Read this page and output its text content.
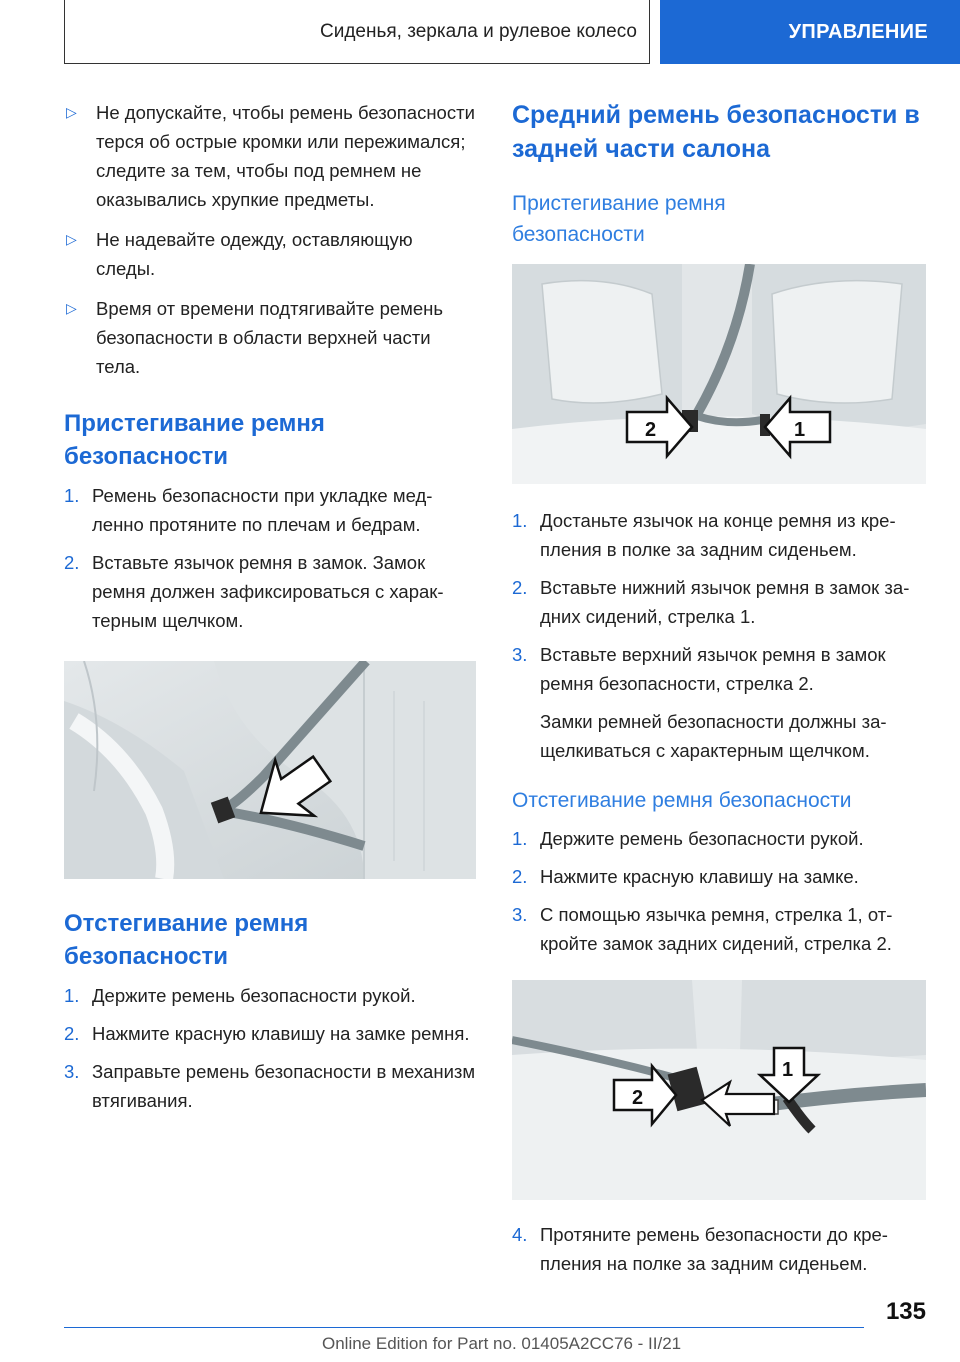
Сиденья, зеркала и рулевое колесо	УПРАВЛЕНИЕ
▷	Не допускайте, чтобы ремень безопасности терся об острые кромки или пережимался; следите за тем, чтобы под ремнем не оказывались хрупкие предметы.
▷	Не надевайте одежду, оставляющую следы.
▷	Время от времени подтягивайте ремень безопасности в области верхней части тела.
Пристегивание ремня безопасности
1. Ремень безопасности при укладке медленно протяните по плечам и бедрам.
2. Вставьте язычок ремня в замок. Замок ремня должен зафиксироваться с характерным щелчком.
Отстегивание ремня безопасности
1. Держите ремень безопасности рукой.
2. Нажмите красную клавишу на замке ремня.
3. Заправьте ремень безопасности в механизм втягивания.
Средний ремень безопасности в задней части салона
Пристегивание ремня безопасности
2	1
1. Достаньте язычок на конце ремня из крепления в полке за задним сиденьем.
2. Вставьте нижний язычок ремня в замок задних сидений, стрелка 1.
3. Вставьте верхний язычок ремня в замок ремня безопасности, стрелка 2.
Замки ремней безопасности должны защелкиваться с характерным щелчком.
Отстегивание ремня безопасности
1. Держите ремень безопасности рукой.
2. Нажмите красную клавишу на замке.
3. С помощью язычка ремня, стрелка 1, откройте замок задних сидений, стрелка 2.
1
2
4. Протяните ремень безопасности до крепления на полке за задним сиденьем.
135
Online Edition for Part no. 01405A2CC76 - II/21
